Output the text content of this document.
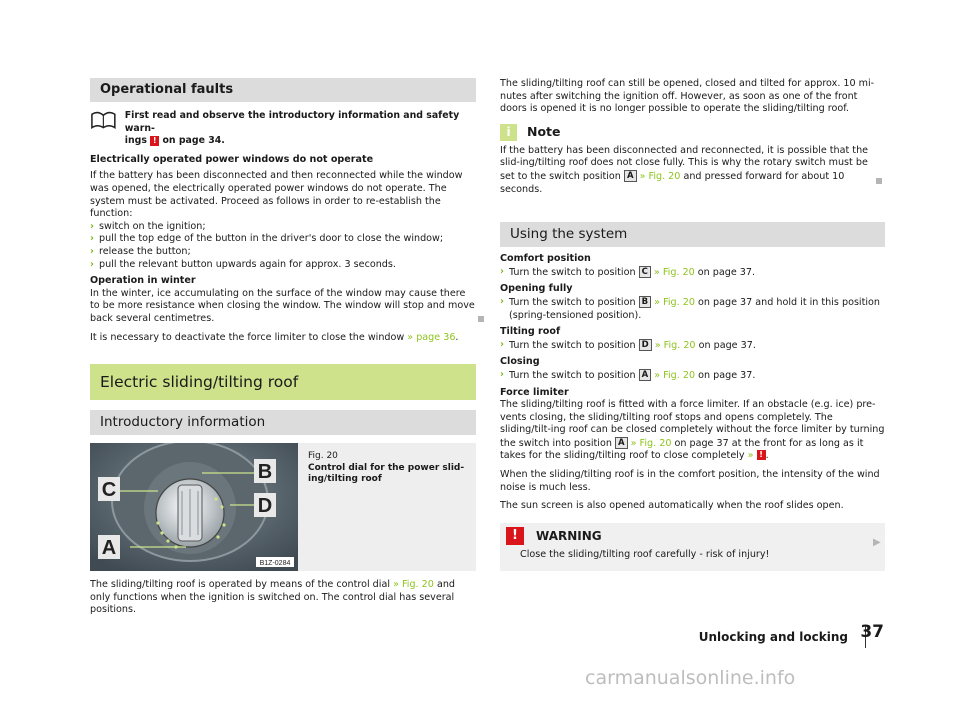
Operational faults
First read and observe the introductory information and safety warn-
ings ! on page 34.

Electrically operated power windows do not operate

If the battery has been disconnected and then reconnected while the window was opened, the electrically operated power windows do not operate. The system must be activated. Proceed as follows in order to re-establish the function:

› switch on the ignition;
› pull the top edge of the button in the driver's door to close the window;
› release the button;
› pull the relevant button upwards again for approx. 3 seconds.

Operation in winter

In the winter, ice accumulating on the surface of the window may cause there to be more resistance when closing the window. The window will stop and move back several centimetres.

It is necessary to deactivate the force limiter to close the window » page 36.

Electric sliding/tilting roof
Introductory information
C
B
D
A
B1Z-0284
Fig. 20
Control dial for the power slid-
ing/tilting roof

The sliding/tilting roof is operated by means of the control dial » Fig. 20 and only functions when the ignition is switched on. The control dial has several positions.

The sliding/tilting roof can still be opened, closed and tilted for approx. 10 mi-nutes after switching the ignition off. However, as soon as one of the front doors is opened it is no longer possible to operate the sliding/tilting roof.

i	Note

If the battery has been disconnected and reconnected, it is possible that the slid-ing/tilting roof does not close fully. This is why the rotary switch must be set to the switch position A » Fig. 20 and pressed forward for about 10 seconds.

Using the system

Comfort position

› Turn the switch to position C » Fig. 20 on page 37.

Opening fully

› Turn the switch to position B » Fig. 20 on page 37 and hold it in this position (spring-tensioned position).

Tilting roof

› Turn the switch to position D » Fig. 20 on page 37.

Closing

› Turn the switch to position A » Fig. 20 on page 37.

Force limiter

The sliding/tilting roof is fitted with a force limiter. If an obstacle (e.g. ice) pre-vents closing, the sliding/tilting roof stops and opens completely. The sliding/tilt-ing roof can be closed completely without the force limiter by turning the switch into position A » Fig. 20 on page 37 at the front for as long as it takes for the sliding/tilting roof to close completely » ! .

When the sliding/tilting roof is in the comfort position, the intensity of the wind noise is much less.

The sun screen is also opened automatically when the roof slides open.

!	WARNING

Close the sliding/tilting roof carefully - risk of injury!

▶
Unlocking and locking 37
carmanualsonline.info
